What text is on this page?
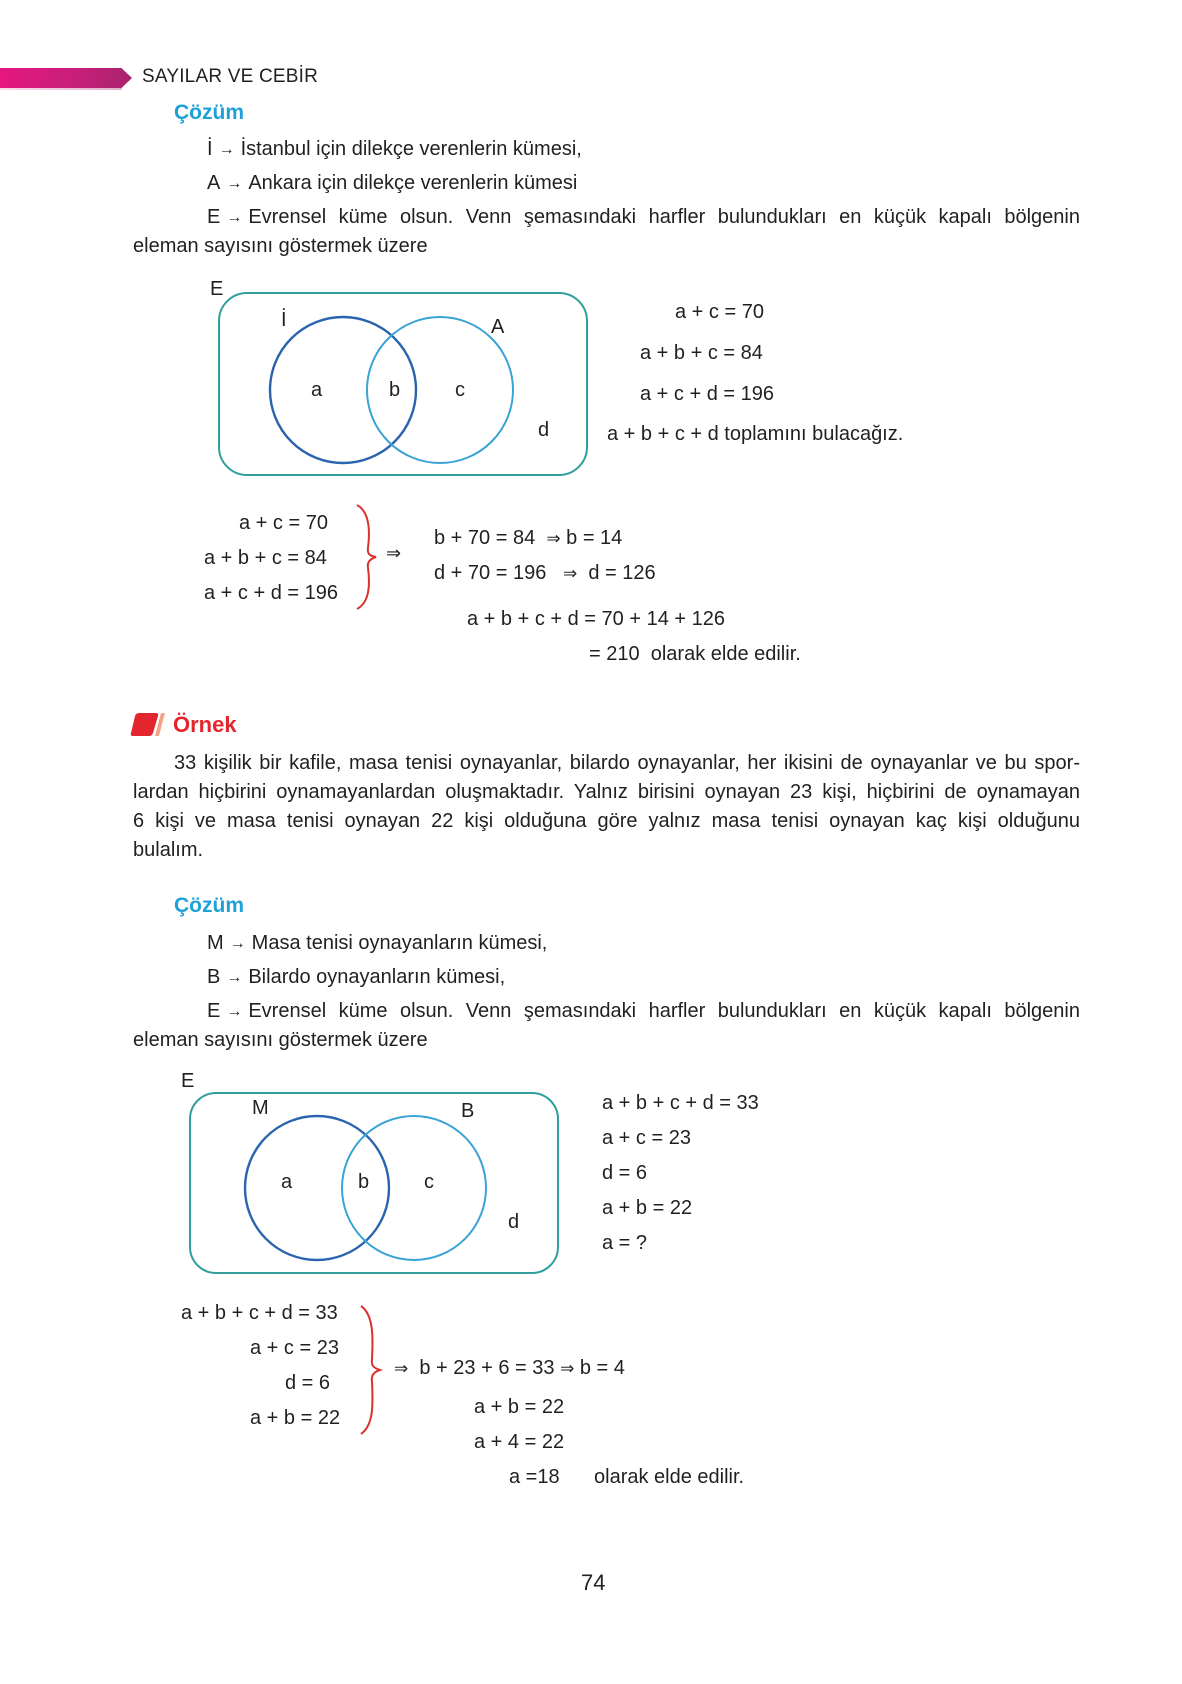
SAYILAR VE CEBİR
Çözüm
İ → İstanbul için dilekçe verenlerin kümesi,
A → Ankara için dilekçe verenlerin kümesi
E → Evrensel küme olsun. Venn şemasındaki harfler bulundukları en küçük kapalı bölgenin
eleman sayısını göstermek üzere
E
İ	A
a	b	c
d
a + c = 70
a + b + c = 84
a + c + d = 196
a + b + c + d toplamını bulacağız.
a + c = 70
a + b + c = 84
a + c + d = 196
⇒
b + 70 = 84 ⇒ b = 14
d + 70 = 196 ⇒ d = 126
a + b + c + d = 70 + 14 + 126
= 210  olarak elde edilir.
Örnek
33 kişilik bir kafile, masa tenisi oynayanlar, bilardo oynayanlar, her ikisini de oynayanlar ve bu spor-
lardan hiçbirini oynamayanlardan oluşmaktadır. Yalnız birisini oynayan 23 kişi, hiçbirini de oynamayan
6 kişi ve masa tenisi oynayan 22 kişi olduğuna göre yalnız masa tenisi oynayan kaç kişi olduğunu
bulalım.
Çözüm
M → Masa tenisi oynayanların kümesi,
B → Bilardo oynayanların kümesi,
E → Evrensel küme olsun. Venn şemasındaki harfler bulundukları en küçük kapalı bölgenin
eleman sayısını göstermek üzere
E
M	B
a	b	c
d
a + b + c + d = 33
a + c = 23
d = 6
a + b = 22
a = ?
a + b + c + d = 33
a + c = 23
d = 6
a + b = 22
⇒ b + 23 + 6 = 33 ⇒ b = 4
a + b = 22
a + 4 = 22
a =18 olarak elde edilir.
74
